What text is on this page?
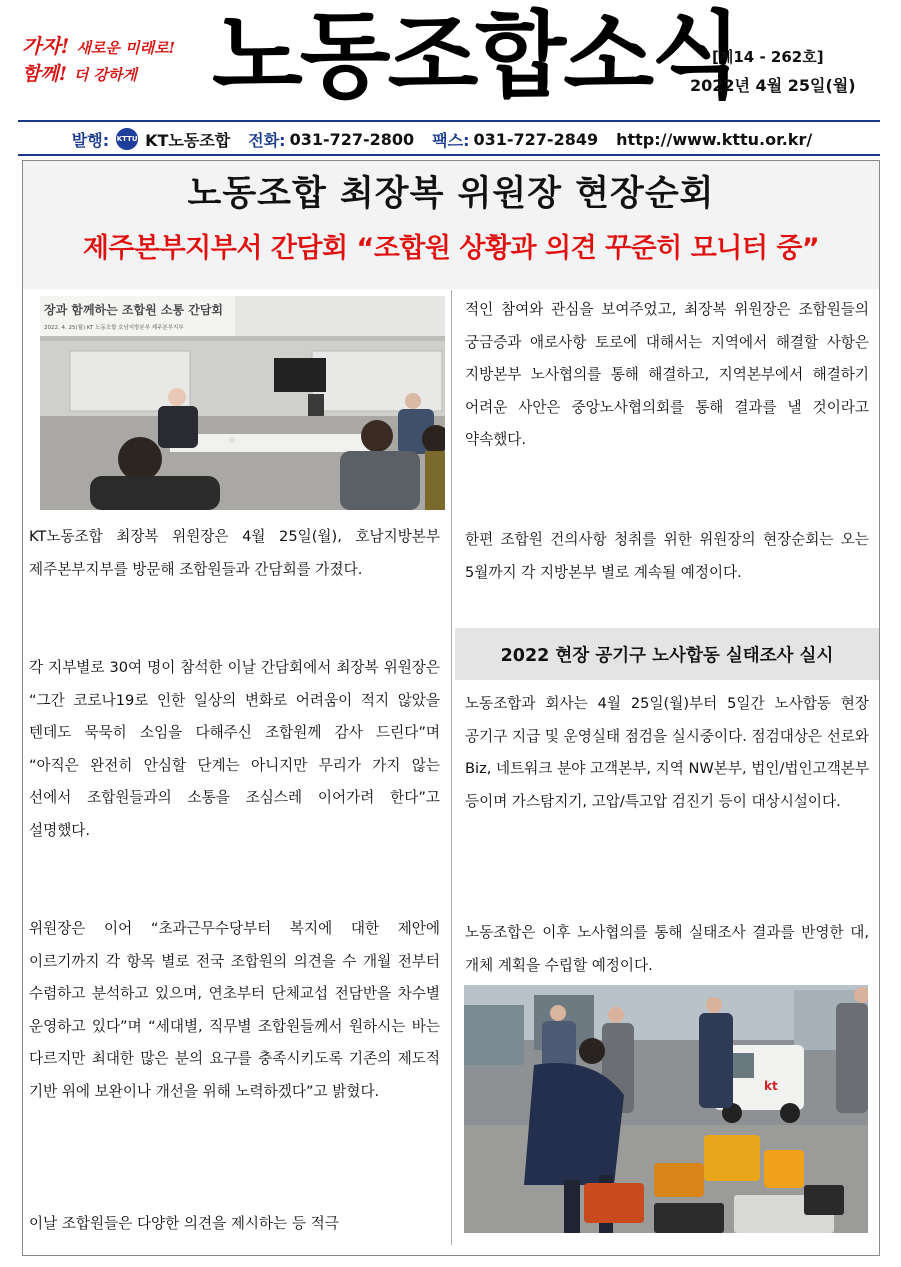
가자! 새로운 미래로!
함께! 더 강하게 노동조합소식
[제14 - 262호]
2022년 4월 25일(월)
발행: KTTU KT노동조합 전화: 031-727-2800 팩스: 031-727-2849 http://www.kttu.or.kr/
노동조합 최장복 위원장 현장순회
제주본부지부서 간담회 “조합원 상황과 의견 꾸준히 모니터 중”
장과 함께하는 조합원 소통 간담회
2022. 4. 25(월) KT 노동조합 호남지방본부 제주본부지부
KT노동조합 최장복 위원장은 4월 25일(월), 호남지방본부 제주본부지부를 방문해 조합원들과 간담회를 가졌다.
각 지부별로 30여 명이 참석한 이날 간담회에서 최장복 위원장은 “그간 코로나19로 인한 일상의 변화로 어려움이 적지 않았을 텐데도 묵묵히 소임을 다해주신 조합원께 감사 드린다”며 “아직은 완전히 안심할 단계는 아니지만 무리가 가지 않는 선에서 조합원들과의 소통을 조심스레 이어가려 한다”고 설명했다.
위원장은 이어 “초과근무수당부터 복지에 대한 제안에 이르기까지 각 항목 별로 전국 조합원의 의견을 수 개월 전부터 수렴하고 분석하고 있으며, 연초부터 단체교섭 전담반을 차수별 운영하고 있다”며 “세대별, 직무별 조합원들께서 원하시는 바는 다르지만 최대한 많은 분의 요구를 충족시키도록 기존의 제도적 기반 위에 보완이나 개선을 위해 노력하겠다”고 밝혔다.
이날 조합원들은 다양한 의견을 제시하는 등 적극
적인 참여와 관심을 보여주었고, 최장복 위원장은 조합원들의 궁금증과 애로사항 토로에 대해서는 지역에서 해결할 사항은 지방본부 노사협의를 통해 해결하고, 지역본부에서 해결하기 어려운 사안은 중앙노사협의회를 통해 결과를 낼 것이라고 약속했다.
한편 조합원 건의사항 청취를 위한 위원장의 현장순회는 오는 5월까지 각 지방본부 별로 계속될 예정이다.
2022 현장 공기구 노사합동 실태조사 실시
노동조합과 회사는 4월 25일(월)부터 5일간 노사합동 현장 공기구 지급 및 운영실태 점검을 실시중이다. 점검대상은 선로와 Biz, 네트워크 분야 고객본부, 지역 NW본부, 법인/법인고객본부 등이며 가스탐지기, 고압/특고압 검진기 등이 대상시설이다.
노동조합은 이후 노사협의를 통해 실태조사 결과를 반영한 대,개체 계획을 수립할 예정이다.
kt
